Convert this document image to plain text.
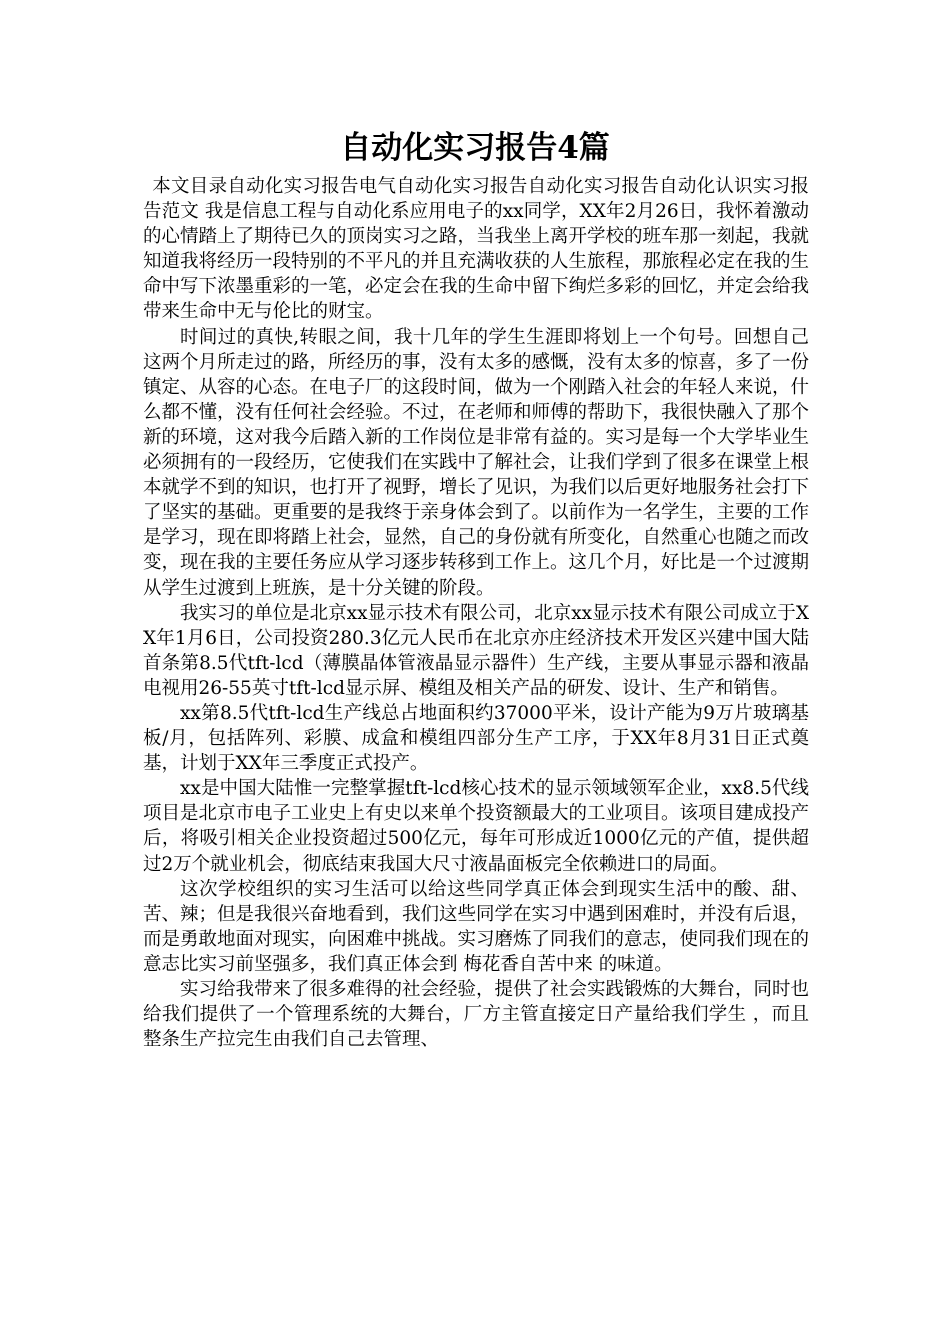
自动化实习报告4篇

本文目录自动化实习报告电气自动化实习报告自动化实习报告自动化认识实习报告范文 我是信息工程与自动化系应用电子的xx同学，XX年2月26日，我怀着激动的心情踏上了期待已久的顶岗实习之路，当我坐上离开学校的班车那一刻起，我就知道我将经历一段特别的不平凡的并且充满收获的人生旅程，那旅程必定在我的生命中写下浓墨重彩的一笔，必定会在我的生命中留下绚烂多彩的回忆，并定会给我带来生命中无与伦比的财宝。

时间过的真快,转眼之间，我十几年的学生生涯即将划上一个句号。回想自己这两个月所走过的路，所经历的事，没有太多的感慨，没有太多的惊喜，多了一份镇定、从容的心态。在电子厂的这段时间，做为一个刚踏入社会的年轻人来说，什么都不懂，没有任何社会经验。不过，在老师和师傅的帮助下，我很快融入了那个新的环境，这对我今后踏入新的工作岗位是非常有益的。实习是每一个大学毕业生必须拥有的一段经历，它使我们在实践中了解社会，让我们学到了很多在课堂上根本就学不到的知识，也打开了视野，增长了见识，为我们以后更好地服务社会打下了坚实的基础。更重要的是我终于亲身体会到了。以前作为一名学生，主要的工作是学习，现在即将踏上社会，显然，自己的身份就有所变化，自然重心也随之而改变，现在我的主要任务应从学习逐步转移到工作上。这几个月，好比是一个过渡期 从学生过渡到上班族，是十分关键的阶段。

我实习的单位是北京xx显示技术有限公司，北京xx显示技术有限公司成立于XX年1月6日，公司投资280.3亿元人民币在北京亦庄经济技术开发区兴建中国大陆首条第8.5代tft-lcd（薄膜晶体管液晶显示器件）生产线，主要从事显示器和液晶电视用26-55英寸tft-lcd显示屏、模组及相关产品的研发、设计、生产和销售。

xx第8.5代tft-lcd生产线总占地面积约37000平米，设计产能为9万片玻璃基板/月，包括阵列、彩膜、成盒和模组四部分生产工序，于XX年8月31日正式奠基，计划于XX年三季度正式投产。

xx是中国大陆惟一完整掌握tft-lcd核心技术的显示领域领军企业，xx8.5代线项目是北京市电子工业史上有史以来单个投资额最大的工业项目。该项目建成投产后，将吸引相关企业投资超过500亿元，每年可形成近1000亿元的产值，提供超过2万个就业机会，彻底结束我国大尺寸液晶面板完全依赖进口的局面。

这次学校组织的实习生活可以给这些同学真正体会到现实生活中的酸、甜、苦、辣；但是我很兴奋地看到，我们这些同学在实习中遇到困难时，并没有后退，而是勇敢地面对现实，向困难中挑战。实习磨炼了同我们的意志，使同我们现在的意志比实习前坚强多，我们真正体会到 梅花香自苦中来 的味道。

实习给我带来了很多难得的社会经验，提供了社会实践锻炼的大舞台，同时也给我们提供了一个管理系统的大舞台，厂方主管直接定日产量给我们学生 ，而且整条生产拉完生由我们自己去管理、
